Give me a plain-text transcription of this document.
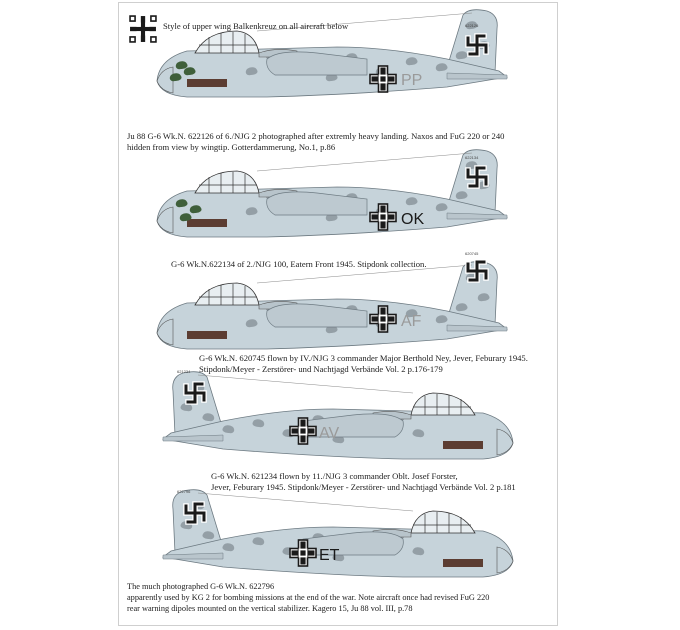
PP
622126
OK
622134
AF
620745
AV
621234
ET
622796
Style of upper wing Balkenkreuz on all aircraft below
Ju 88 G-6 Wk.N. 622126 of 6./NJG 2 photographed after extremly heavy landing. Naxos and FuG 220 or 240
hidden from view by wingtip. Gotterdammerung, No.1, p.86
G-6 Wk.N.622134 of 2./NJG 100, Eatern Front 1945. Stipdonk collection.
G-6 Wk.N. 620745 flown by IV./NJG 3 commander Major Berthold Ney, Jever, Feburary 1945.
Stipdonk/Meyer - Zerstörer- und Nachtjagd Verbände Vol. 2 p.176-179
G-6 Wk.N. 621234 flown by 11./NJG 3 commander Oblt. Josef Forster,
Jever, Feburary 1945. Stipdonk/Meyer - Zerstörer- und Nachtjagd Verbände Vol. 2 p.181
The much photographed G-6 Wk.N. 622796
apparently used by KG 2 for bombing missions at the end of the war. Note aircraft once had revised FuG 220
rear warning dipoles mounted on the vertical stabilizer. Kagero 15, Ju 88 vol. III, p.78
